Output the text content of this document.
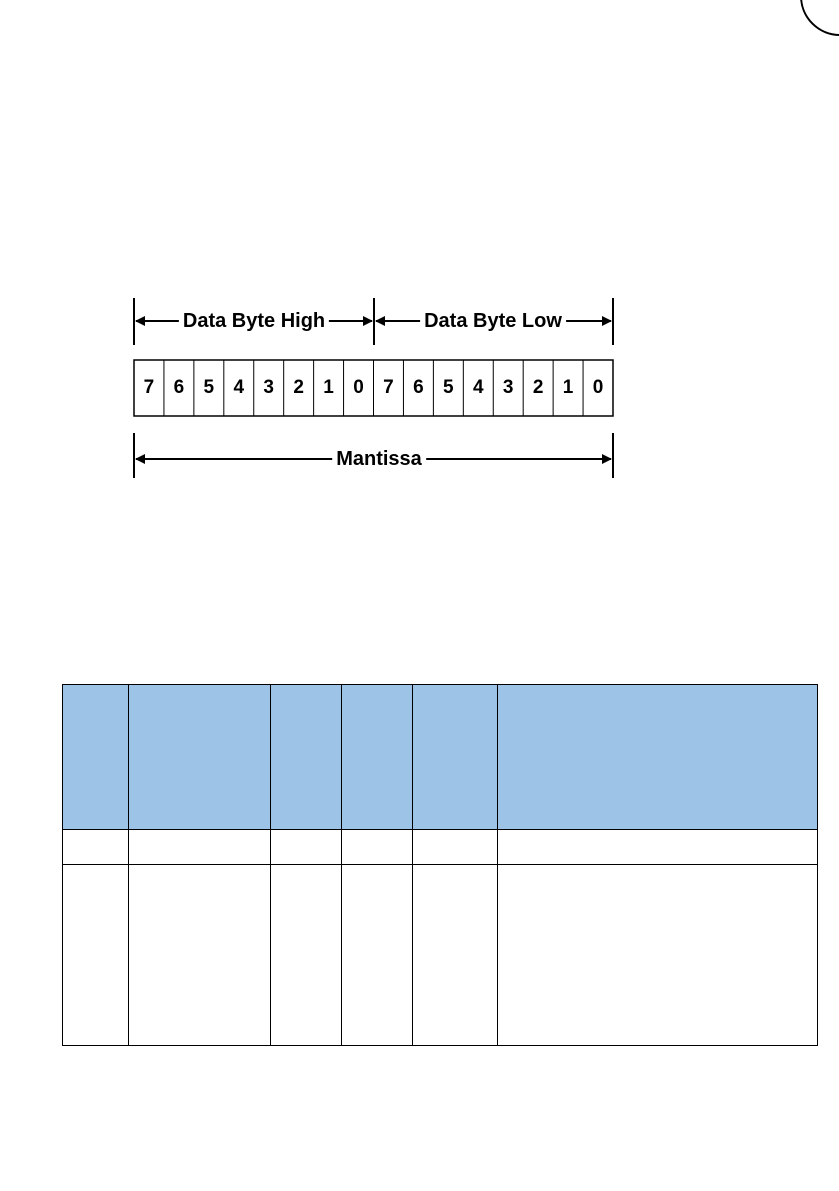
Data Byte High	Data Byte Low
Mantissa
7	6	5	4	3	2	1	0	7	6	5	4	3	2	1	0
